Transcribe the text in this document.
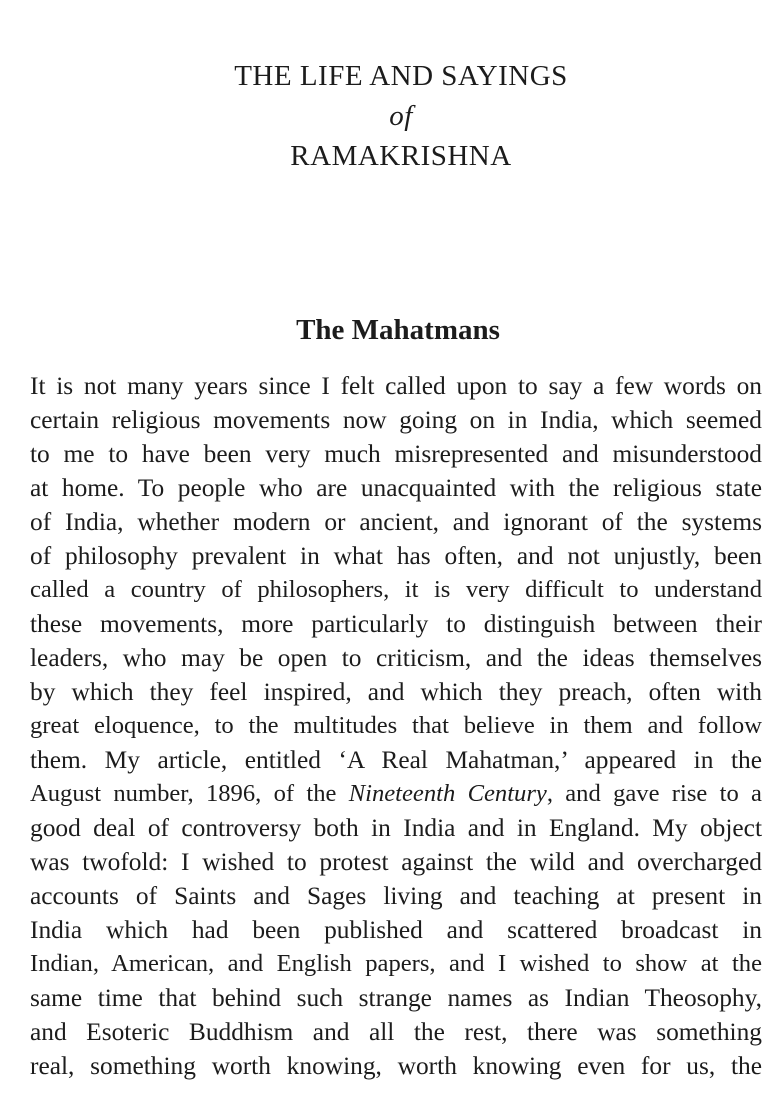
THE LIFE AND SAYINGS
of
RAMAKRISHNA
The Mahatmans
It is not many years since I felt called upon to say a few words on
certain religious movements now going on in India, which seemed
to me to have been very much misrepresented and misunderstood
at home. To people who are unacquainted with the religious state
of India, whether modern or ancient, and ignorant of the systems
of philosophy prevalent in what has often, and not unjustly, been
called a country of philosophers, it is very difficult to understand
these movements, more particularly to distinguish between their
leaders, who may be open to criticism, and the ideas themselves
by which they feel inspired, and which they preach, often with
great eloquence, to the multitudes that believe in them and follow
them. My article, entitled ‘A Real Mahatman,’ appeared in the
August number, 1896, of the Nineteenth Century, and gave rise to a
good deal of controversy both in India and in England. My object
was twofold: I wished to protest against the wild and overcharged
accounts of Saints and Sages living and teaching at present in
India which had been published and scattered broadcast in
Indian, American, and English papers, and I wished to show at the
same time that behind such strange names as Indian Theosophy,
and Esoteric Buddhism and all the rest, there was something
real, something worth knowing, worth knowing even for us, the
